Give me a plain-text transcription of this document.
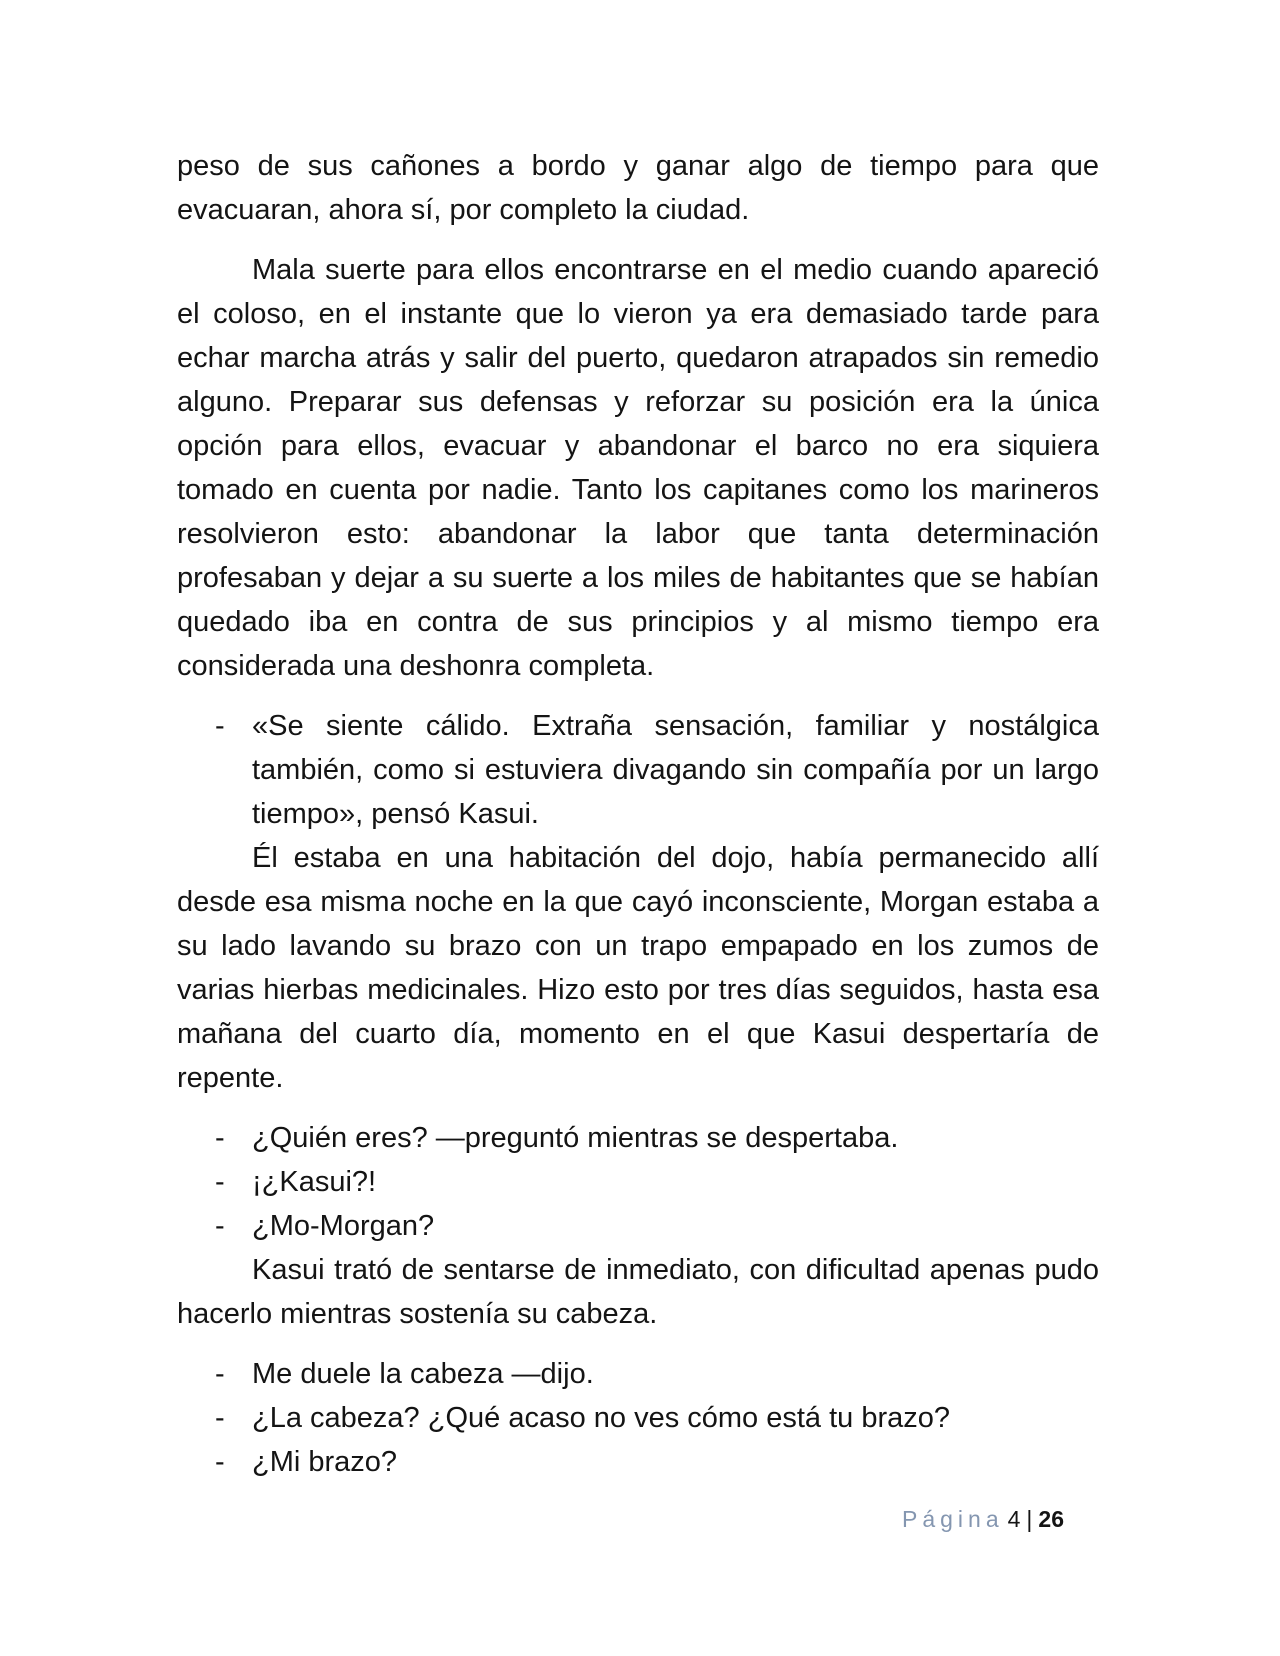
peso de sus cañones a bordo y ganar algo de tiempo para que evacuaran, ahora sí, por completo la ciudad.

Mala suerte para ellos encontrarse en el medio cuando apareció el coloso, en el instante que lo vieron ya era demasiado tarde para echar marcha atrás y salir del puerto, quedaron atrapados sin remedio alguno. Preparar sus defensas y reforzar su posición era la única opción para ellos, evacuar y abandonar el barco no era siquiera tomado en cuenta por nadie. Tanto los capitanes como los marineros resolvieron esto: abandonar la labor que tanta determinación profesaban y dejar a su suerte a los miles de habitantes que se habían quedado iba en contra de sus principios y al mismo tiempo era considerada una deshonra completa.

- «Se siente cálido. Extraña sensación, familiar y nostálgica también, como si estuviera divagando sin compañía por un largo tiempo», pensó Kasui.

Él estaba en una habitación del dojo, había permanecido allí desde esa misma noche en la que cayó inconsciente, Morgan estaba a su lado lavando su brazo con un trapo empapado en los zumos de varias hierbas medicinales. Hizo esto por tres días seguidos, hasta esa mañana del cuarto día, momento en el que Kasui despertaría de repente.

- ¿Quién eres? —preguntó mientras se despertaba.
- ¡¿Kasui?!
- ¿Mo-Morgan?

Kasui trató de sentarse de inmediato, con dificultad apenas pudo hacerlo mientras sostenía su cabeza.

- Me duele la cabeza —dijo.
- ¿La cabeza? ¿Qué acaso no ves cómo está tu brazo?
- ¿Mi brazo?
Página 4 | 26
